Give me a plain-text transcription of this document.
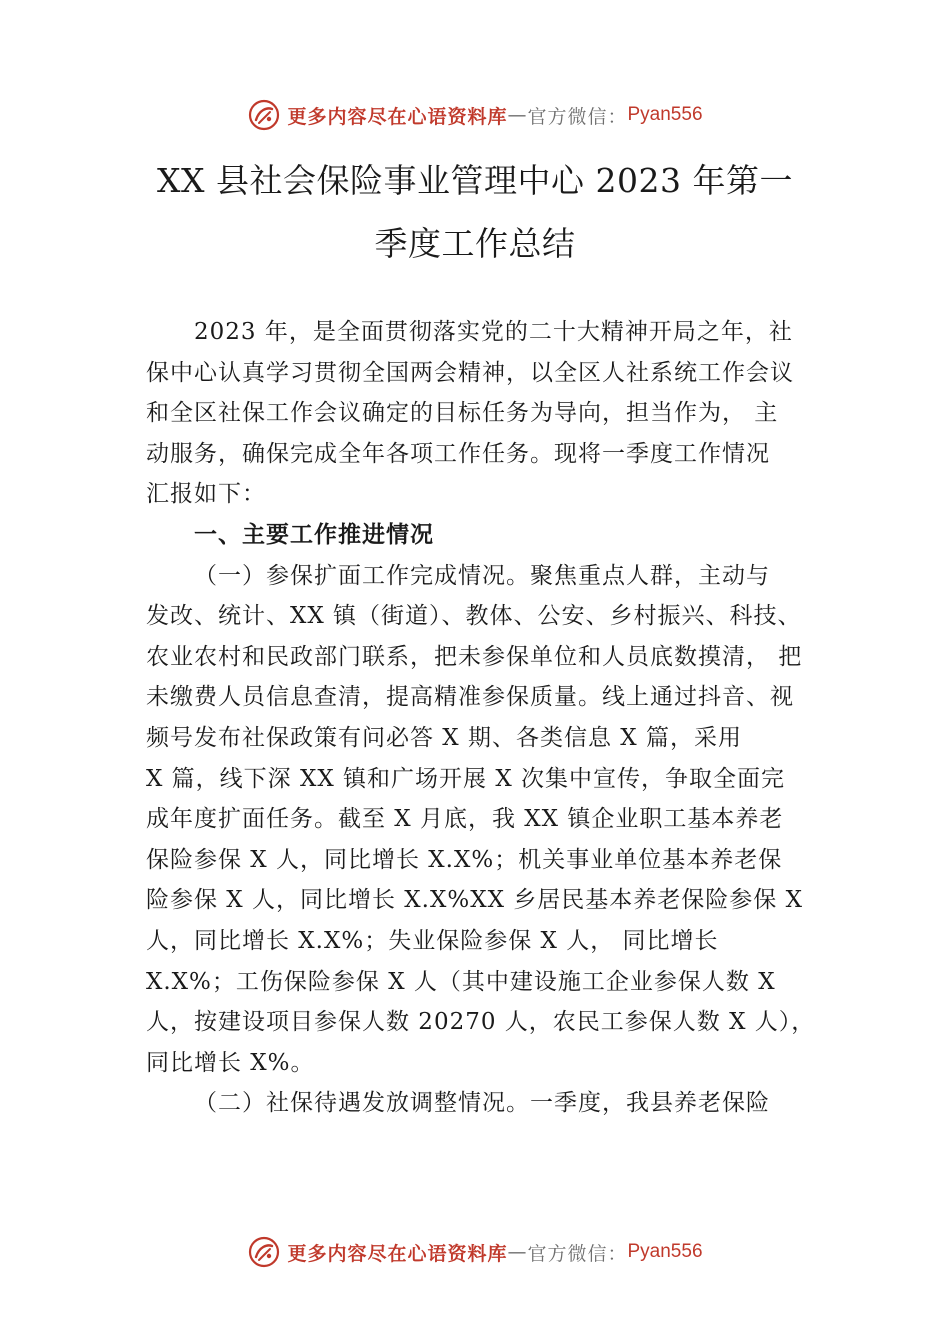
更多内容尽在心语资料库 — 官方微信： Pyan556
XX 县社会保险事业管理中心 2023 年第一
季度工作总结
2023 年，是全面贯彻落实党的二十大精神开局之年，社
保中心认真学习贯彻全国两会精神，以全区人社系统工作会议
和全区社保工作会议确定的目标任务为导向，担当作为， 主
动服务，确保完成全年各项工作任务。现将一季度工作情况
汇报如下：
一、主要工作推进情况
（一）参保扩面工作完成情况。聚焦重点人群，主动与
发改、统计、XX 镇（街道）、教体、公安、乡村振兴、科技、
农业农村和民政部门联系，把未参保单位和人员底数摸清， 把
未缴费人员信息查清，提高精准参保质量。线上通过抖音、视
频号发布社保政策有问必答 X 期、各类信息 X 篇，采用
X 篇，线下深 XX 镇和广场开展 X 次集中宣传，争取全面完
成年度扩面任务。截至 X 月底，我 XX 镇企业职工基本养老
保险参保 X 人，同比增长 X.X%；机关事业单位基本养老保
险参保 X 人，同比增长 X.X%XX 乡居民基本养老保险参保 X
人，同比增长 X.X%；失业保险参保 X 人， 同比增长
X.X%；工伤保险参保 X 人（其中建设施工企业参保人数 X
人，按建设项目参保人数 20270 人，农民工参保人数 X 人），
同比增长 X%。
（二）社保待遇发放调整情况。一季度，我县养老保险
更多内容尽在心语资料库 — 官方微信： Pyan556
